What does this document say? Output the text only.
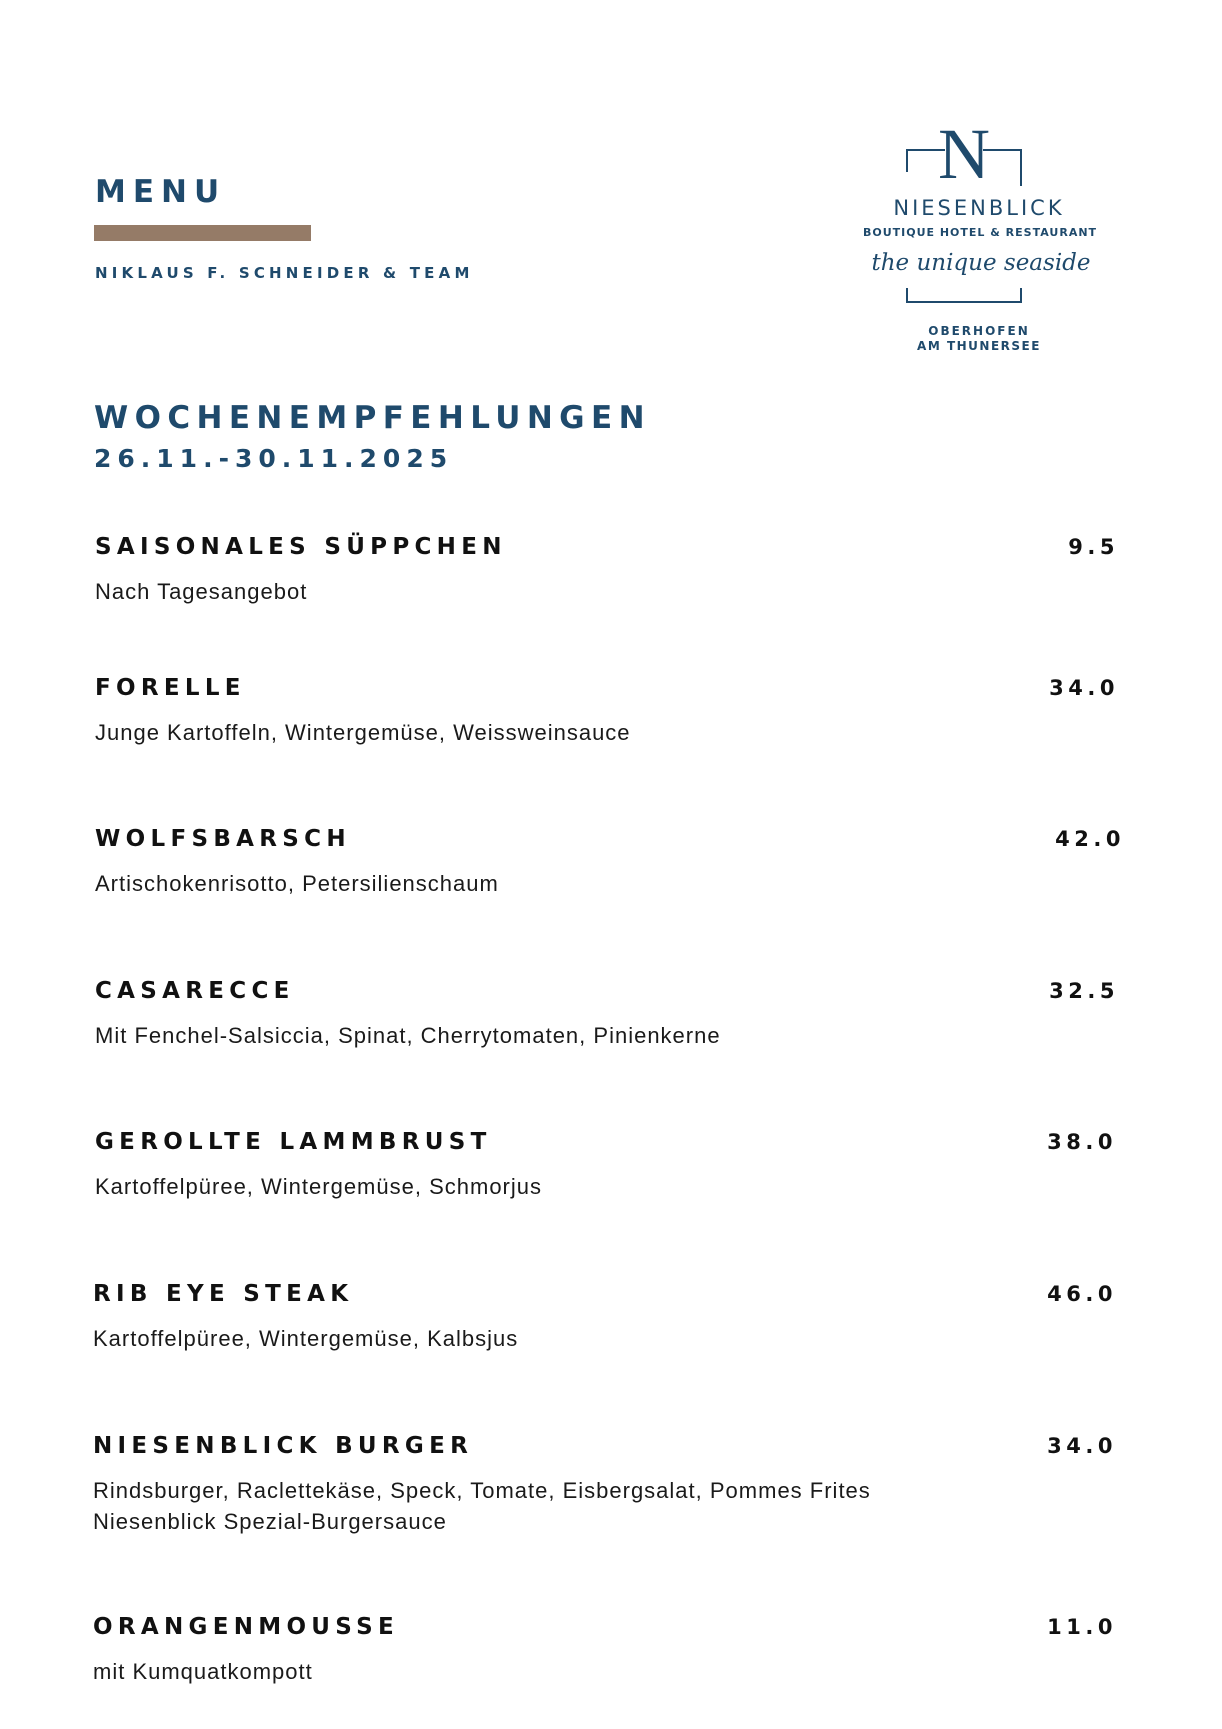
MENU
NIKLAUS F. SCHNEIDER & TEAM
N
NIESENBLICK
BOUTIQUE HOTEL & RESTAURANT
the unique seaside
OBERHOFEN
AM THUNERSEE
WOCHENEMPFEHLUNGEN
26.11.-30.11.2025
SAISONALES SÜPPCHEN	9.5
Nach Tagesangebot
FORELLE	34.0
Junge Kartoffeln, Wintergemüse, Weissweinsauce
WOLFSBARSCH	42.0
Artischokenrisotto, Petersilienschaum
CASARECCE	32.5
Mit Fenchel-Salsiccia, Spinat, Cherrytomaten, Pinienkerne
GEROLLTE LAMMBRUST	38.0
Kartoffelpüree, Wintergemüse, Schmorjus
RIB EYE STEAK	46.0
Kartoffelpüree, Wintergemüse, Kalbsjus
NIESENBLICK BURGER	34.0
Rindsburger, Raclettekäse, Speck, Tomate, Eisbergsalat, Pommes Frites
Niesenblick Spezial-Burgersauce
ORANGENMOUSSE	11.0
mit Kumquatkompott
